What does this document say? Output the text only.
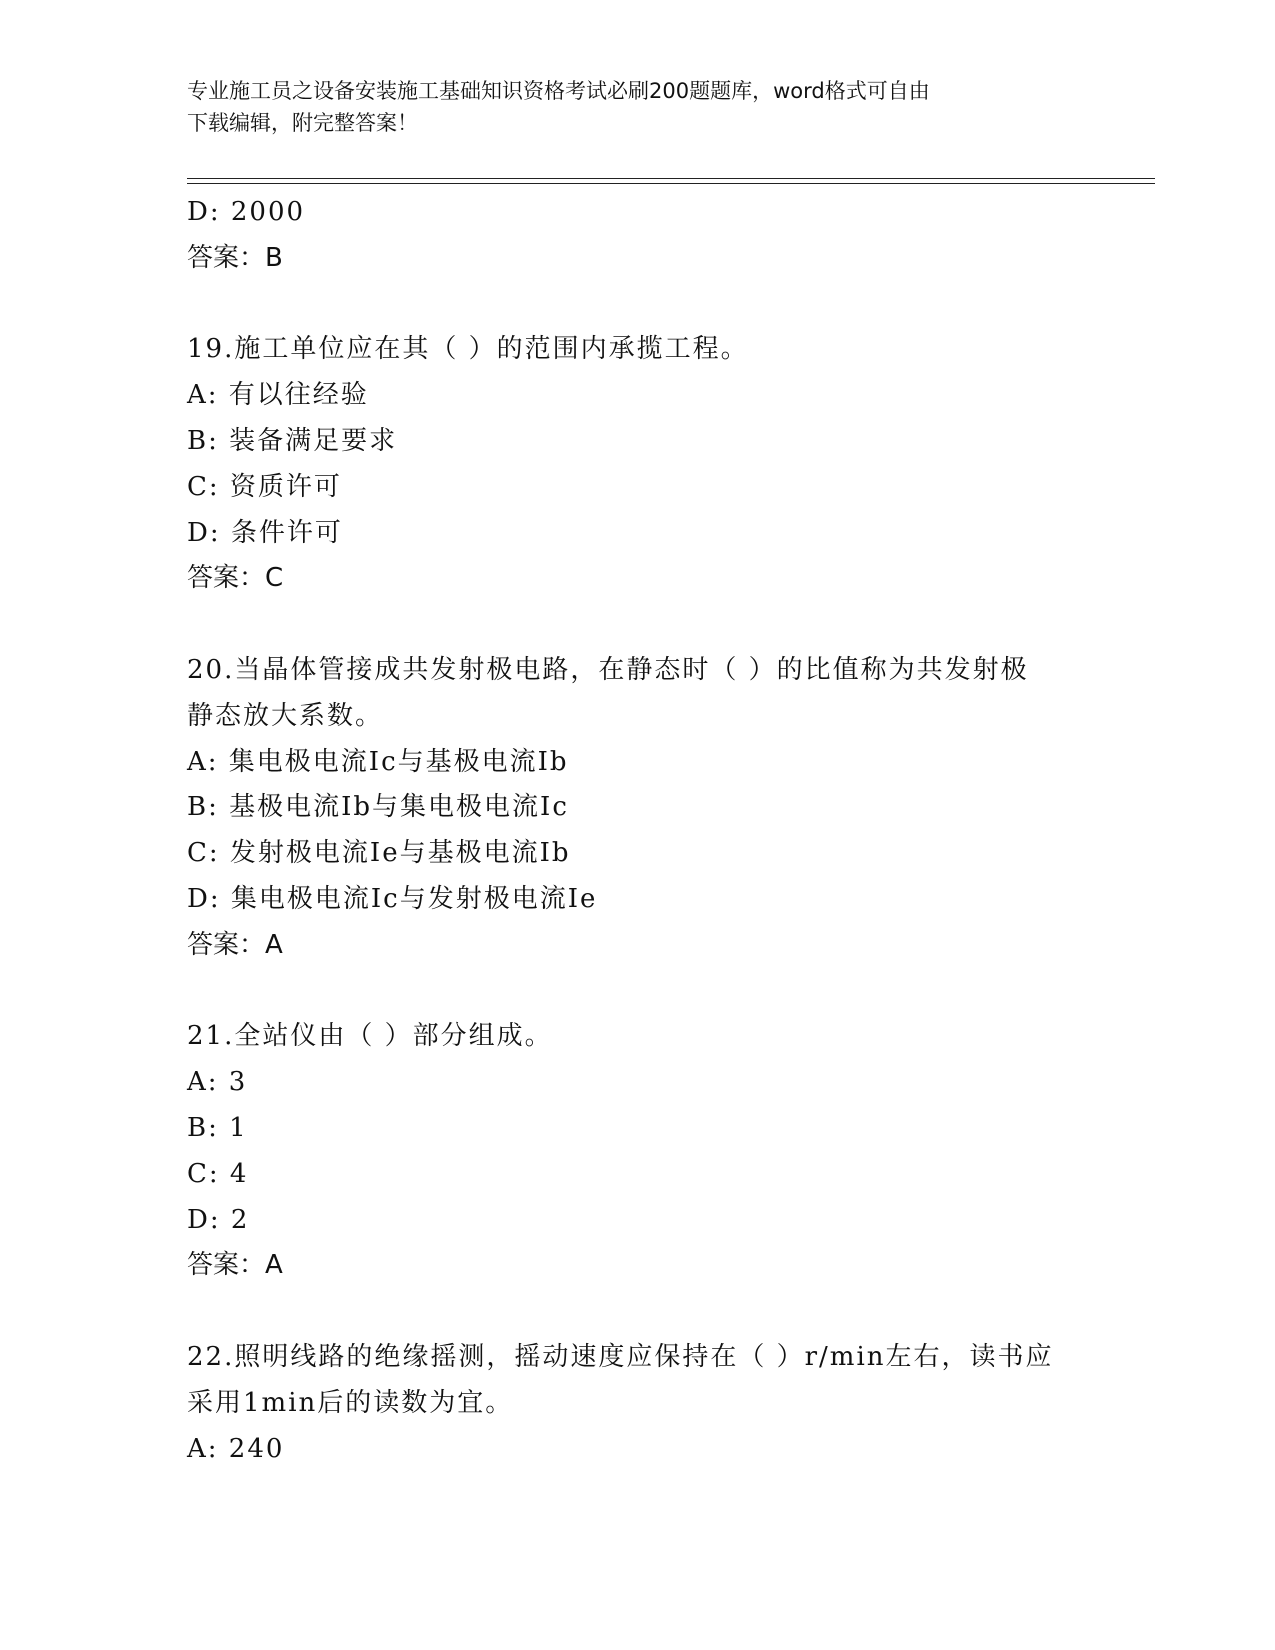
专业施工员之设备安装施工基础知识资格考试必刷200题题库，word格式可自由
下载编辑，附完整答案！
D: 2000
答案：B
19.施工单位应在其（ ）的范围内承揽工程。
A: 有以往经验
B: 装备满足要求
C: 资质许可
D: 条件许可
答案：C
20.当晶体管接成共发射极电路，在静态时（ ）的比值称为共发射极
静态放大系数。
A: 集电极电流Ic与基极电流Ib
B: 基极电流Ib与集电极电流Ic
C: 发射极电流Ie与基极电流Ib
D: 集电极电流Ic与发射极电流Ie
答案：A
21.全站仪由（ ）部分组成。
A: 3
B: 1
C: 4
D: 2
答案：A
22.照明线路的绝缘摇测，摇动速度应保持在（ ）r/min左右，读书应
采用1min后的读数为宜。
A: 240
